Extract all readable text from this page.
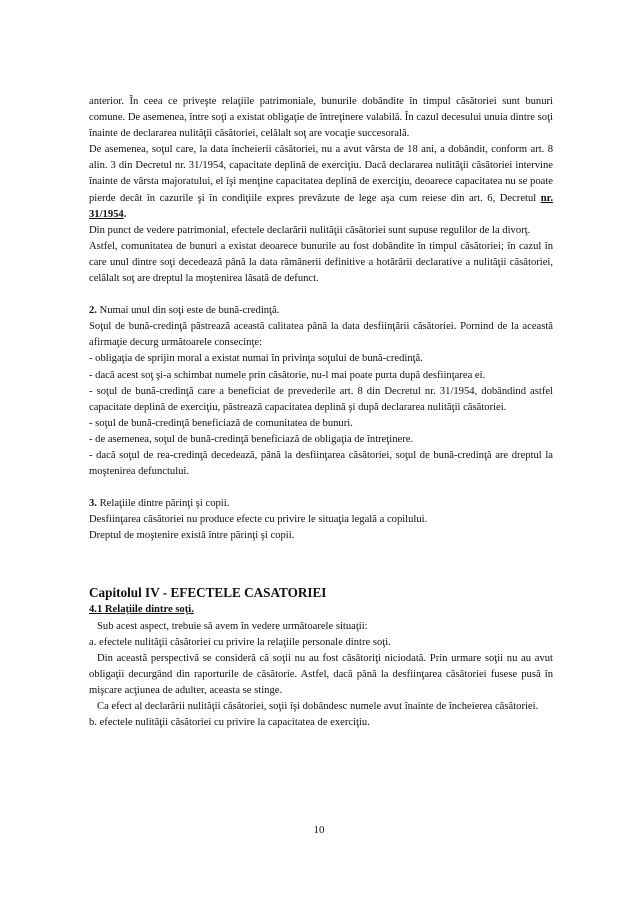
anterior. În ceea ce priveşte relaţiile patrimoniale, bunurile dobândite în timpul căsătoriei sunt bunuri comune. De asemenea, între soţi a existat obligaţie de întreţinere valabilă. În cazul decesului unuia dintre soţi înainte de declararea nulităţii căsătoriei, celălalt soţ are vocaţie succesorală.

De asemenea, soţul care, la data încheierii căsătoriei, nu a avut vârsta de 18 ani, a dobândit, conform art. 8 alin. 3 din Decretul nr. 31/1954, capacitate deplină de exerciţiu. Dacă declararea nulităţii căsătoriei intervine înainte de vârsta majoratului, el îşi menţine capacitatea deplină de exerciţiu, deoarece capacitatea nu se poate pierde decât în cazurile şi în condiţiile expres prevăzute de lege aşa cum reiese din art. 6, Decretul nr. 31/1954.

Din punct de vedere patrimonial, efectele declarării nulităţii căsătoriei sunt supuse regulilor de la divorţ.

Astfel, comunitatea de bunuri a existat deoarece bunurile au fost dobândite în timpul căsătoriei; în cazul în care unul dintre soţi decedează până la data rămânerii definitive a hotărârii declarative a nulităţii căsătoriei, celălalt soţ are dreptul la moştenirea lăsată de defunct.

2. Numai unul din soţi este de bună-credinţă.

Soţul de bună-credinţă păstrează această calitatea până la data desfiinţării căsătoriei. Pornind de la această afirmaţie decurg următoarele consecinţe:

- obligaţia de sprijin moral a existat numai în privinţa soţului de bună-credinţă.

- dacă acest soţ şi-a schimbat numele prin căsătorie, nu-l mai poate purta după desfiinţarea ei.

- soţul de bună-credinţă care a beneficiat de prevederile art. 8 din Decretul nr. 31/1954, dobândind astfel capacitate deplină de exerciţiu, păstrează capacitatea deplină şi după declararea nulităţii căsătoriei.

- soţul de bună-credinţă beneficiază de comunitatea de bunuri.

- de asemenea, soţul de bună-credinţă beneficiază de obligaţia de întreţinere.

- dacă soţul de rea-credinţă decedează, până la desfiinţarea căsătoriei, soţul de bună-credinţă are dreptul la moştenirea defunctului.

3. Relaţiile dintre părinţi şi copii.

Desfiinţarea căsătoriei nu produce efecte cu privire le situaţia legală a copilului.

Dreptul de moştenire există între părinţi şi copii.

Capitolul IV - EFECTELE CASATORIEI

4.1 Relaţiile dintre soţi.

Sub acest aspect, trebuie să avem în vedere următoarele situaţii:

a. efectele nulităţii căsătoriei cu privire la relaţiile personale dintre soţi.

Din această perspectivă se consideră că soţii nu au fost căsătoriţi niciodată. Prin urmare soţii nu au avut obligaţii decurgând din raporturile de căsătorie. Astfel, dacă până la desfiinţarea căsătoriei fusese pusă în mişcare acţiunea de adulter, aceasta se stinge.

Ca efect al declarării nulităţii căsătoriei, soţii îşi dobândesc numele avut înainte de încheierea căsătoriei.

b. efectele nulităţii căsătoriei cu privire la capacitatea de exerciţiu.

10
